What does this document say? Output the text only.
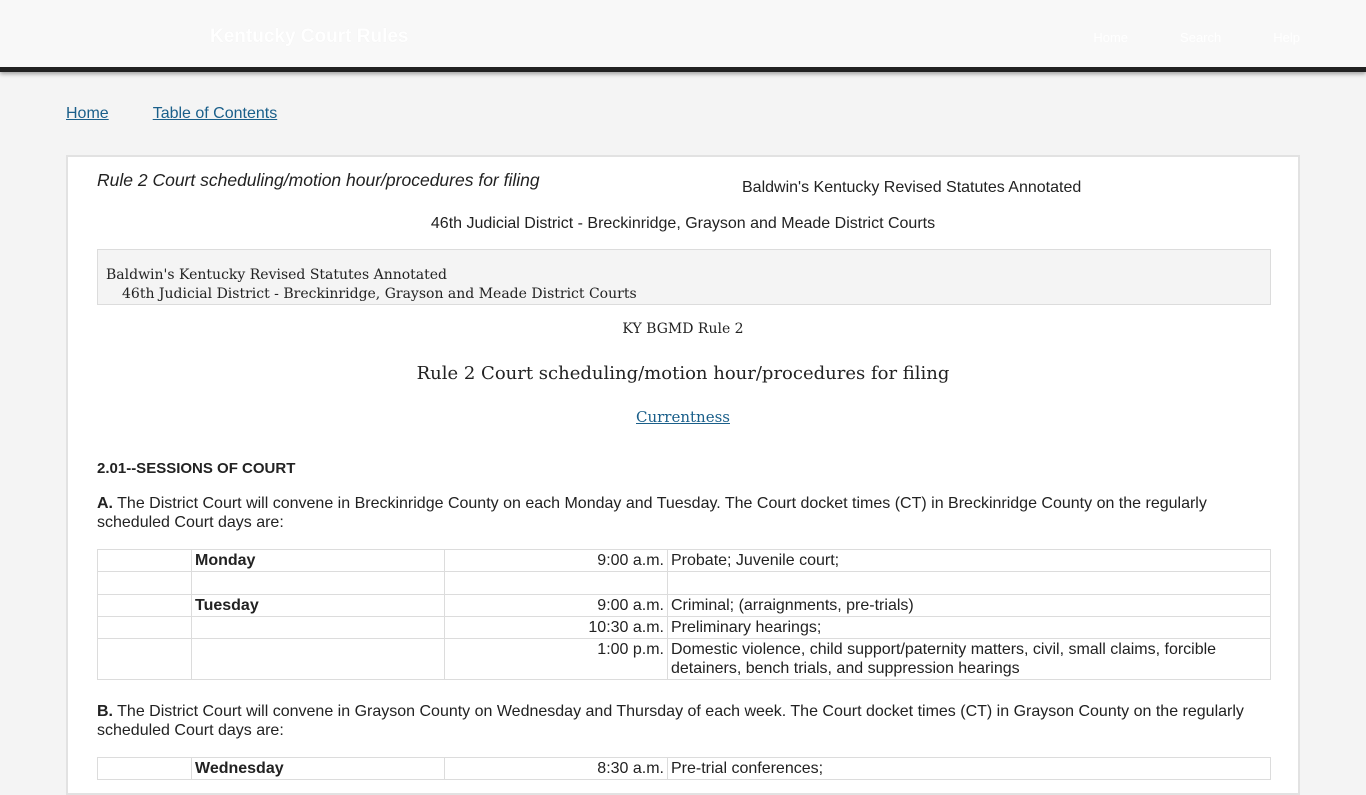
Kentucky Court Rules	Home	Search	Help
Home	Table of Contents
Rule 2 Court scheduling/motion hour/procedures for filing	Baldwin's Kentucky Revised Statutes Annotated
46th Judicial District - Breckinridge, Grayson and Meade District Courts
Baldwin's Kentucky Revised Statutes Annotated
46th Judicial District - Breckinridge, Grayson and Meade District Courts
KY BGMD Rule 2
Rule 2 Court scheduling/motion hour/procedures for filing
Currentness
2.01--SESSIONS OF COURT
A. The District Court will convene in Breckinridge County on each Monday and Tuesday. The Court docket times (CT) in Breckinridge County on the regularly scheduled Court days are:
	Monday	9:00 a.m.	Probate; Juvenile court;

	Tuesday	9:00 a.m.	Criminal; (arraignments, pre-trials)
		10:30 a.m.	Preliminary hearings;
		1:00 p.m.	Domestic violence, child support/paternity matters, civil, small claims, forcible detainers, bench trials, and suppression hearings
B. The District Court will convene in Grayson County on Wednesday and Thursday of each week. The Court docket times (CT) in Grayson County on the regularly scheduled Court days are:
	Wednesday	8:30 a.m.	Pre-trial conferences;
